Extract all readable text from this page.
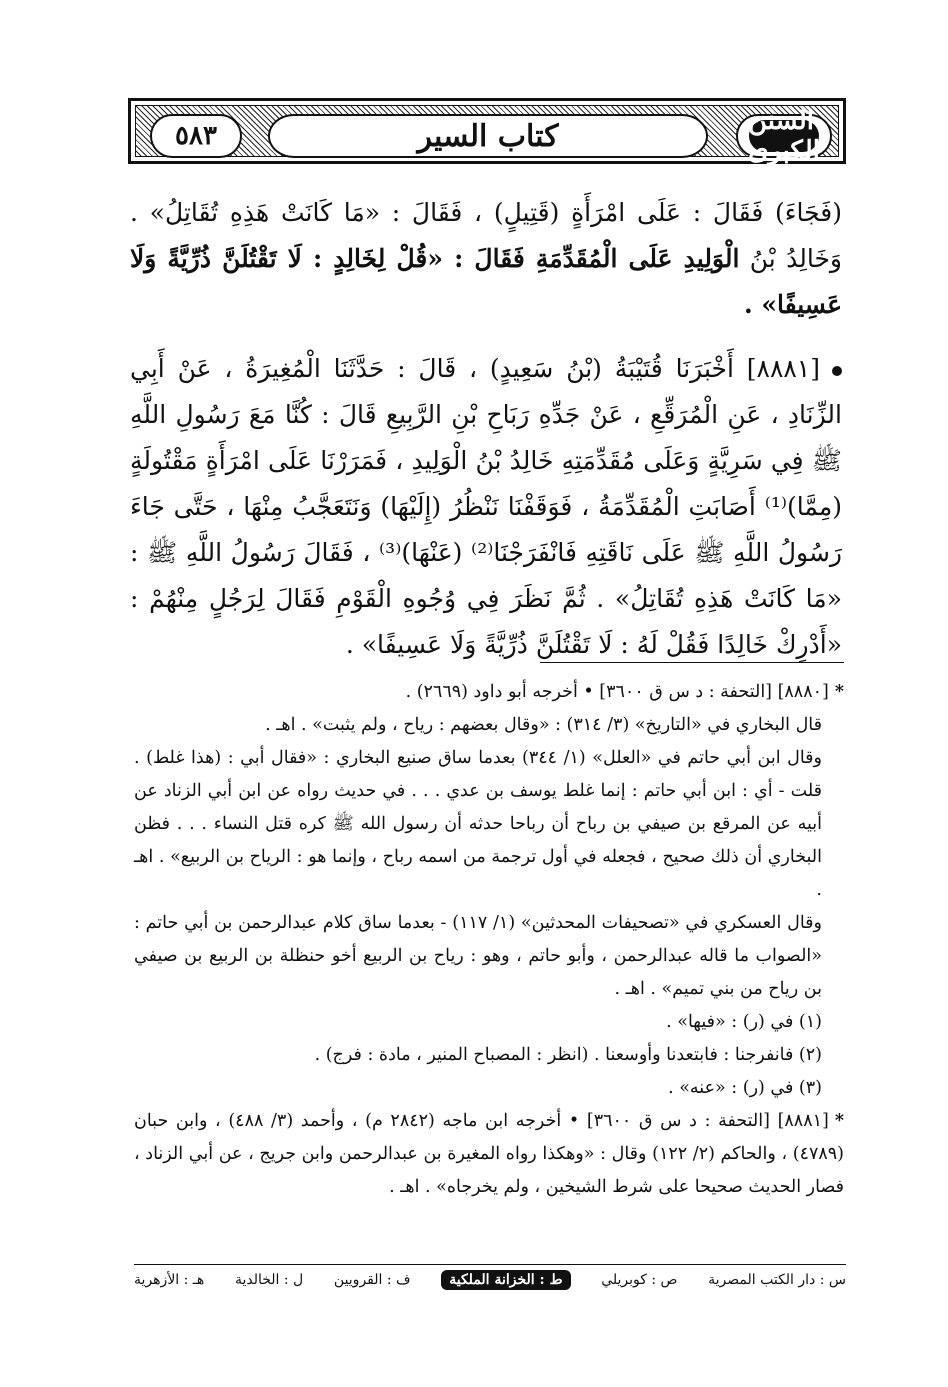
٥٨٣	كتاب السير	السنن الكبرى

(فَجَاءَ) فَقَالَ : عَلَى امْرَأَةٍ (قَتِيلٍ) ، فَقَالَ : «مَا كَانَتْ هَذِهِ تُقَاتِلُ» . وَخَالِدُ بْنُ الْوَلِيدِ عَلَى الْمُقَدِّمَةِ فَقَالَ : «قُلْ لِخَالِدٍ : لَا تَقْتُلَنَّ ذُرِّيَّةً وَلَا عَسِيفًا» .

[٨٨٨١] أَخْبَرَنَا قُتَيْبَةُ (بْنُ سَعِيدٍ) ، قَالَ : حَدَّثَنَا الْمُغِيرَةُ ، عَنْ أَبِي الزِّنَادِ ، عَنِ الْمُرَقِّعِ ، عَنْ جَدِّهِ رَبَاحِ بْنِ الرَّبِيعِ قَالَ : كُنَّا مَعَ رَسُولِ اللَّهِ ﷺ فِي سَرِيَّةٍ وَعَلَى مُقَدِّمَتِهِ خَالِدُ بْنُ الْوَلِيدِ ، فَمَرَرْنَا عَلَى امْرَأَةٍ مَقْتُولَةٍ (مِمَّا)⁽¹⁾ أَصَابَتِ الْمُقَدِّمَةُ ، فَوَقَفْنَا نَنْظُرُ (إِلَيْهَا) وَنَتَعَجَّبُ مِنْهَا ، حَتَّى جَاءَ رَسُولُ اللَّهِ ﷺ عَلَى نَاقَتِهِ فَانْفَرَجْنَا⁽²⁾ (عَنْهَا)⁽³⁾ ، فَقَالَ رَسُولُ اللَّهِ ﷺ : «مَا كَانَتْ هَذِهِ تُقَاتِلُ» . ثُمَّ نَظَرَ فِي وُجُوهِ الْقَوْمِ فَقَالَ لِرَجُلٍ مِنْهُمْ : «أَدْرِكْ خَالِدًا فَقُلْ لَهُ : لَا تَقْتُلَنَّ ذُرِّيَّةً وَلَا عَسِيفًا» .

*[٨٨٨٠] [التحفة : د س ق ٣٦٠٠] • أخرجه أبو داود (٢٦٦٩) .

قال البخاري في «التاريخ» (٣/ ٣١٤) : «وقال بعضهم : رياح ، ولم يثبت» . اهـ .

وقال ابن أبي حاتم في «العلل» (١/ ٣٤٤) بعدما ساق صنيع البخاري : «فقال أبي : (هذا غلط) . قلت - أي : ابن أبي حاتم : إنما غلط يوسف بن عدي . . . في حديث رواه عن ابن أبي الزناد عن أبيه عن المرقع بن صيفي بن رباح أن رباحا حدثه أن رسول الله ﷺ كره قتل النساء . . . فظن البخاري أن ذلك صحيح ، فجعله في أول ترجمة من اسمه رباح ، وإنما هو : الرياح بن الربيع» . اهـ .

وقال العسكري في «تصحيفات المحدثين» (١/ ١١٧) - بعدما ساق كلام عبدالرحمن بن أبي حاتم : «الصواب ما قاله عبدالرحمن ، وأبو حاتم ، وهو : رياح بن الربيع أخو حنظلة بن الربيع بن صيفي بن رياح من بني تميم» . اهـ .

(١) في (ر) : «فيها» .

(٢) فانفرجنا : فابتعدنا وأوسعنا . (انظر : المصباح المنير ، مادة : فرج) .

(٣) في (ر) : «عنه» .

*[٨٨٨١] [التحفة : د س ق ٣٦٠٠] • أخرجه ابن ماجه (٢٨٤٢ م) ، وأحمد (٣/ ٤٨٨) ، وابن حبان (٤٧٨٩) ، والحاكم (٢/ ١٢٢) وقال : «وهكذا رواه المغيرة بن عبدالرحمن وابن جريج ، عن أبي الزناد ، فصار الحديث صحيحا على شرط الشيخين ، ولم يخرجاه» . اهـ .

س : دار الكتب المصرية
ص : كوبريلي
ط : الخزانة الملكية
ف : القرويين
ل : الخالدية
هـ : الأزهرية
